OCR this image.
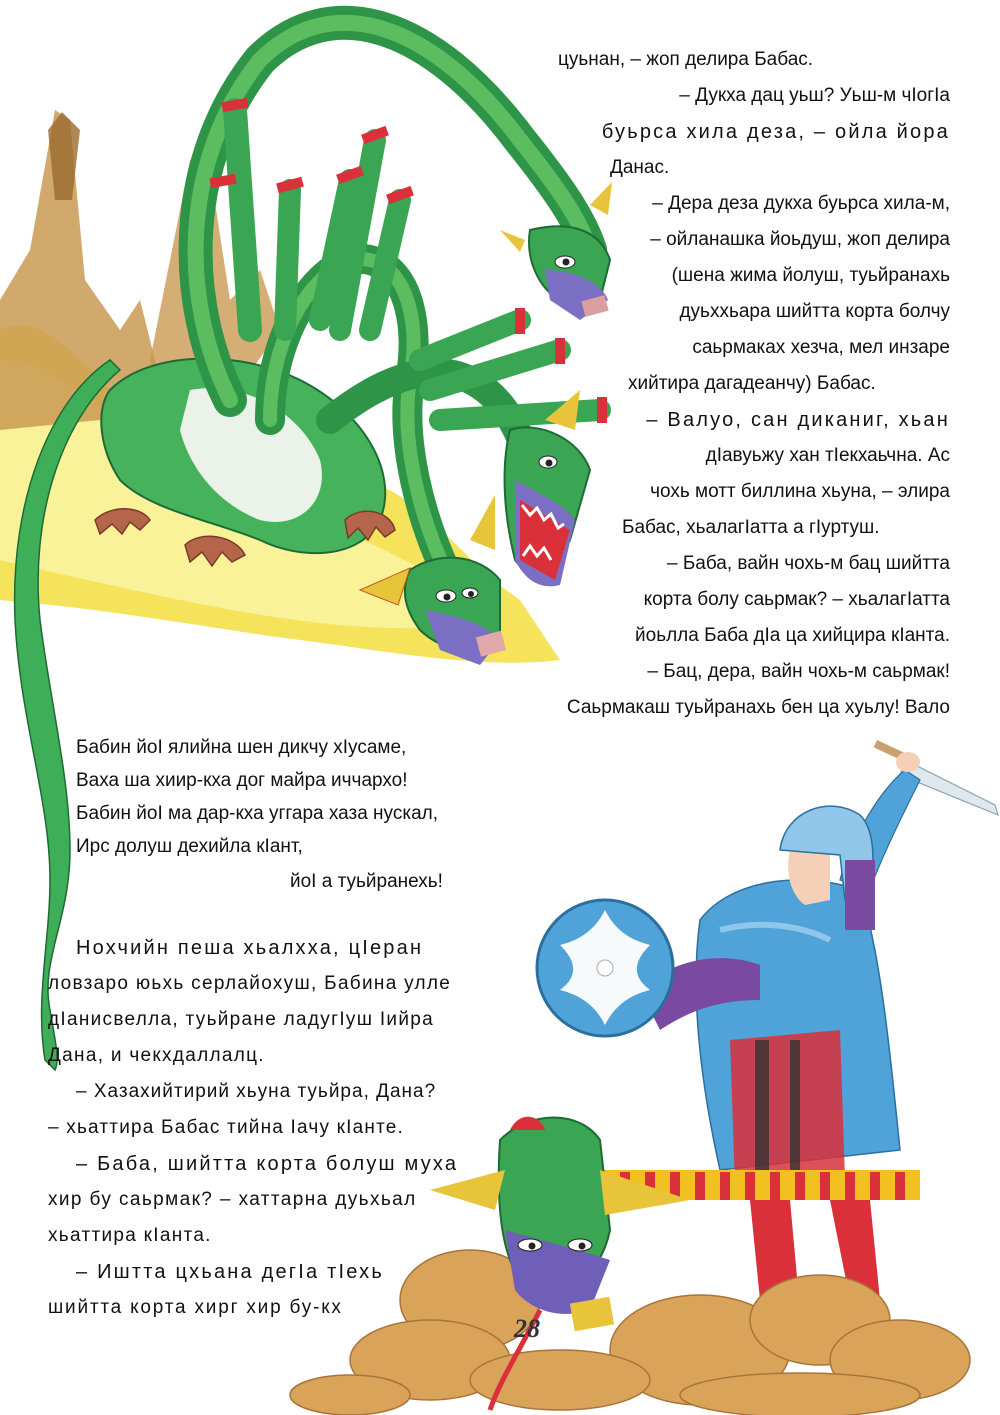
цуьнан, – жоп делира Бабас.
– Дукха дац уьш? Уьш-м чIогIа
буьрса хила деза, – ойла йора
Данас.
– Дера деза дукха буьрса хила-м,
– ойланашка йоьдуш, жоп делира
(шена жима йолуш, туьйранахь
дуьххьара шийтта корта болчу
саьрмаках хезча, мел инзаре
хийтира дагадеанчу) Бабас.
– Валуо, сан диканиг, хьан
дIавуьжу хан тIекхаьчна. Ас
чохь мотт биллина хьуна, – элира
Бабас, хьалагIатта а гIуртуш.
– Баба, вайн чохь-м бац шийтта
корта болу саьрмак? – хьалагIатта
йоьлла Баба дIа ца хийцира кIанта.
– Бац, дера, вайн чохь-м саьрмак!
Саьрмакаш туьйранахь бен ца хуьлу! Вало
Бабин йоI ялийна шен дикчу хIусаме,
Ваха ша хиир-кха дог майра иччархо!
Бабин йоI ма дар-кха уггара хаза нускал,
Ирс долуш дехийла кIант,
йоI а туьйранехь!
Нохчийн пеша хьалхха, цIеран
ловзаро юьхь серлайохуш, Бабина улле
дIанисвелла, туьйране ладугIуш Iийра
Дана, и чекхдаллалц.
– Хазахийтирий хьуна туьйра, Дана?
– хьаттира Бабас тийна Iачу кIанте.
– Баба, шийтта корта болуш муха
хир бу саьрмак? – хаттарна дуьхьал
хьаттира кIанта.
– Иштта цхьана дегIа тIехь
шийтта корта хирг хир бу-кх
28
